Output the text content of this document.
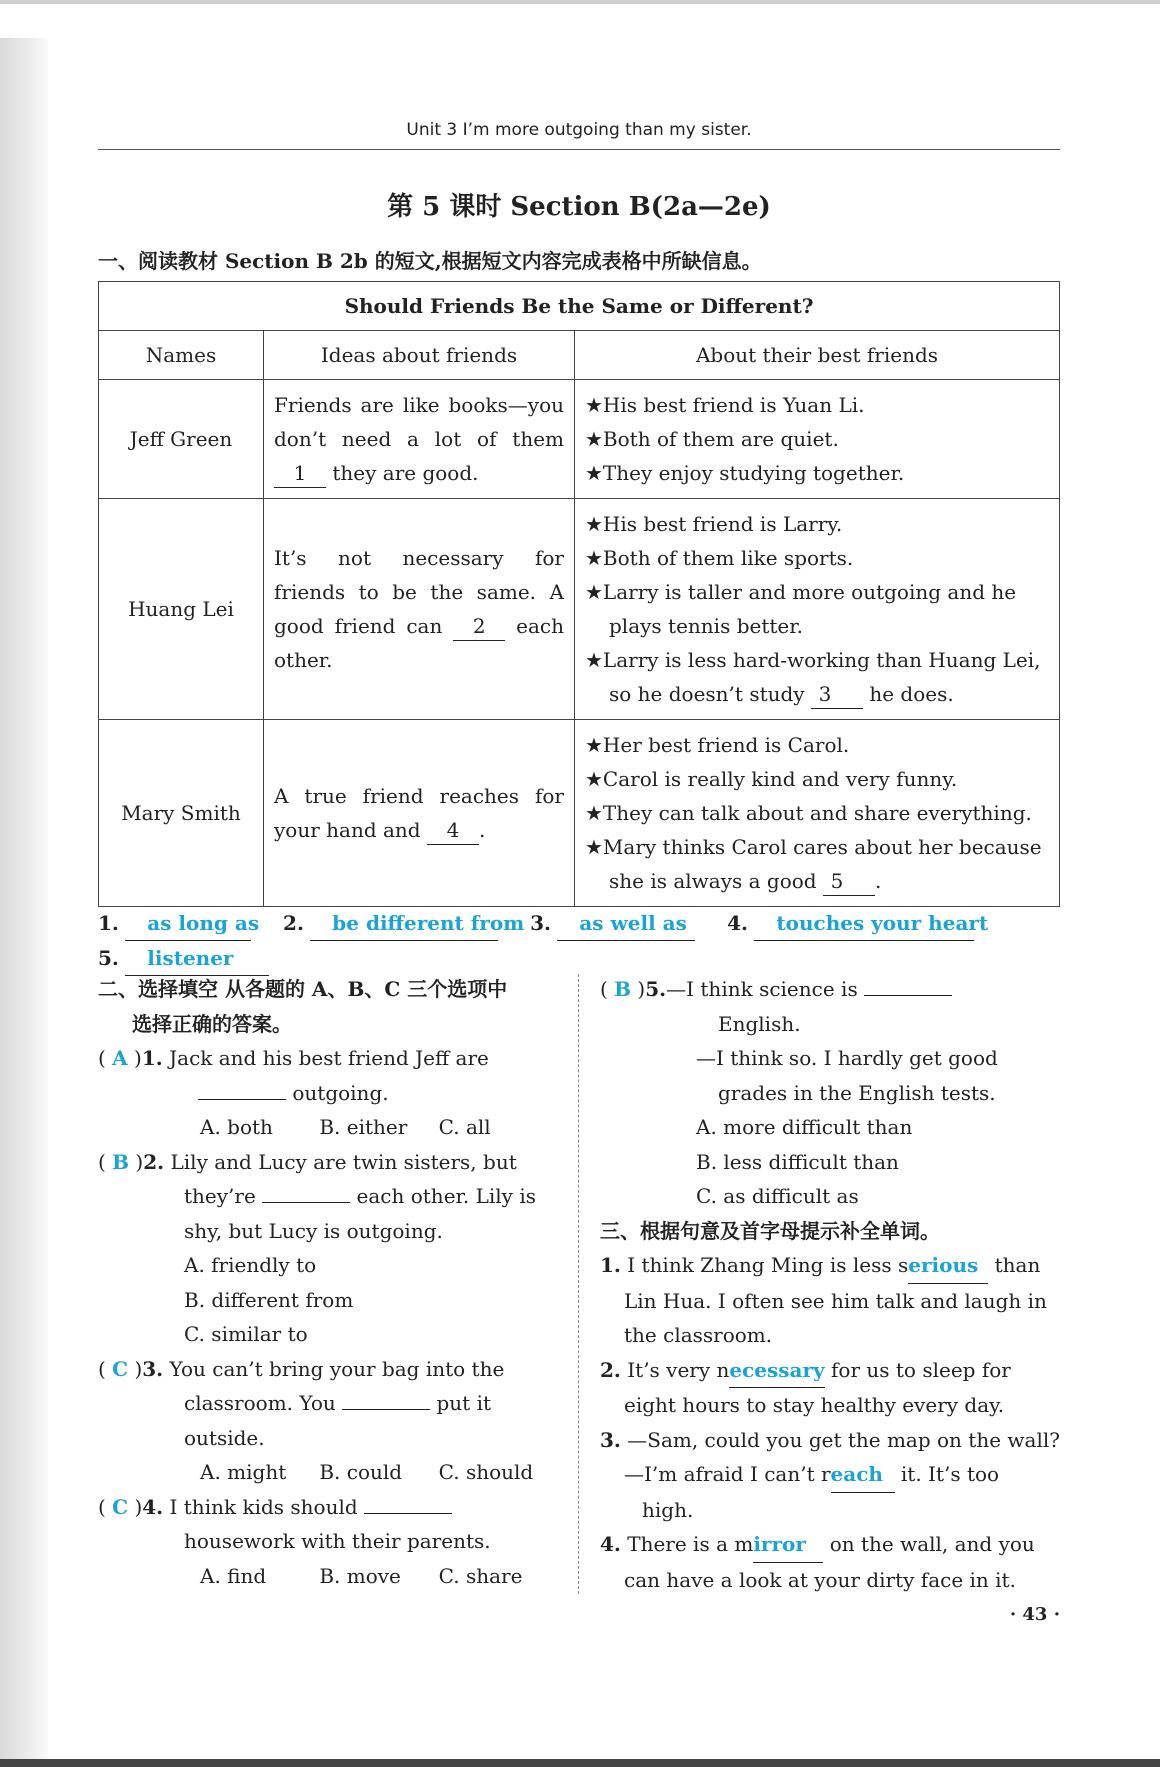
Unit 3 I’m more outgoing than my sister.
第 5 课时 Section B(2a—2e)
一、阅读教材 Section B 2b 的短文,根据短文内容完成表格中所缺信息。
Should Friends Be the Same or Different?		
Names	Ideas about friends	About their best friends
Jeff Green	Friends are like books—you don’t need a lot of them 1 they are good.	★His best friend is Yuan Li.
★Both of them are quiet.
★They enjoy studying together.

Huang Lei	It’s not necessary for friends to be the same. A good friend can 2 each other.	★His best friend is Larry.
★Both of them like sports.
★Larry is taller and more outgoing and he plays tennis better.
★Larry is less hard-working than Huang Lei, so he doesn’t study 3 he does.

Mary Smith	A true friend reaches for your hand and 4 .	★Her best friend is Carol.
★Carol is really kind and very funny.
★They can talk about and share everything.
★Mary thinks Carol cares about her because she is always a good 5 .
1. as long as 2. be different from 3. as well as 4. touches your heart
5. listener
二、选择填空 从各题的 A、B、C 三个选项中
选择正确的答案。
( A )1. Jack and his best friend Jeff are
outgoing.
A. both	B. either	C. all
( B )2. Lily and Lucy are twin sisters, but
they’re	each other. Lily is
shy, but Lucy is outgoing.
A. friendly to
B. different from
C. similar to
( C )3. You can’t bring your bag into the
classroom. You	put it
outside.
A. might	B. could	C. should
( C )4. I think kids should
housework with their parents.
A. find	B. move	C. share
( B )5.—I think science is
English.
—I think so. I hardly get good
grades in the English tests.
A. more difficult than
B. less difficult than
C. as difficult as
三、根据句意及首字母提示补全单词。
1. I think Zhang Ming is less serious than
Lin Hua. I often see him talk and laugh in
the classroom.
2. It’s very necessary for us to sleep for
eight hours to stay healthy every day.
3. —Sam, could you get the map on the wall?
—I’m afraid I can’t reach it. It’s too
high.
4. There is a mirror on the wall, and you
can have a look at your dirty face in it.
· 43 ·
